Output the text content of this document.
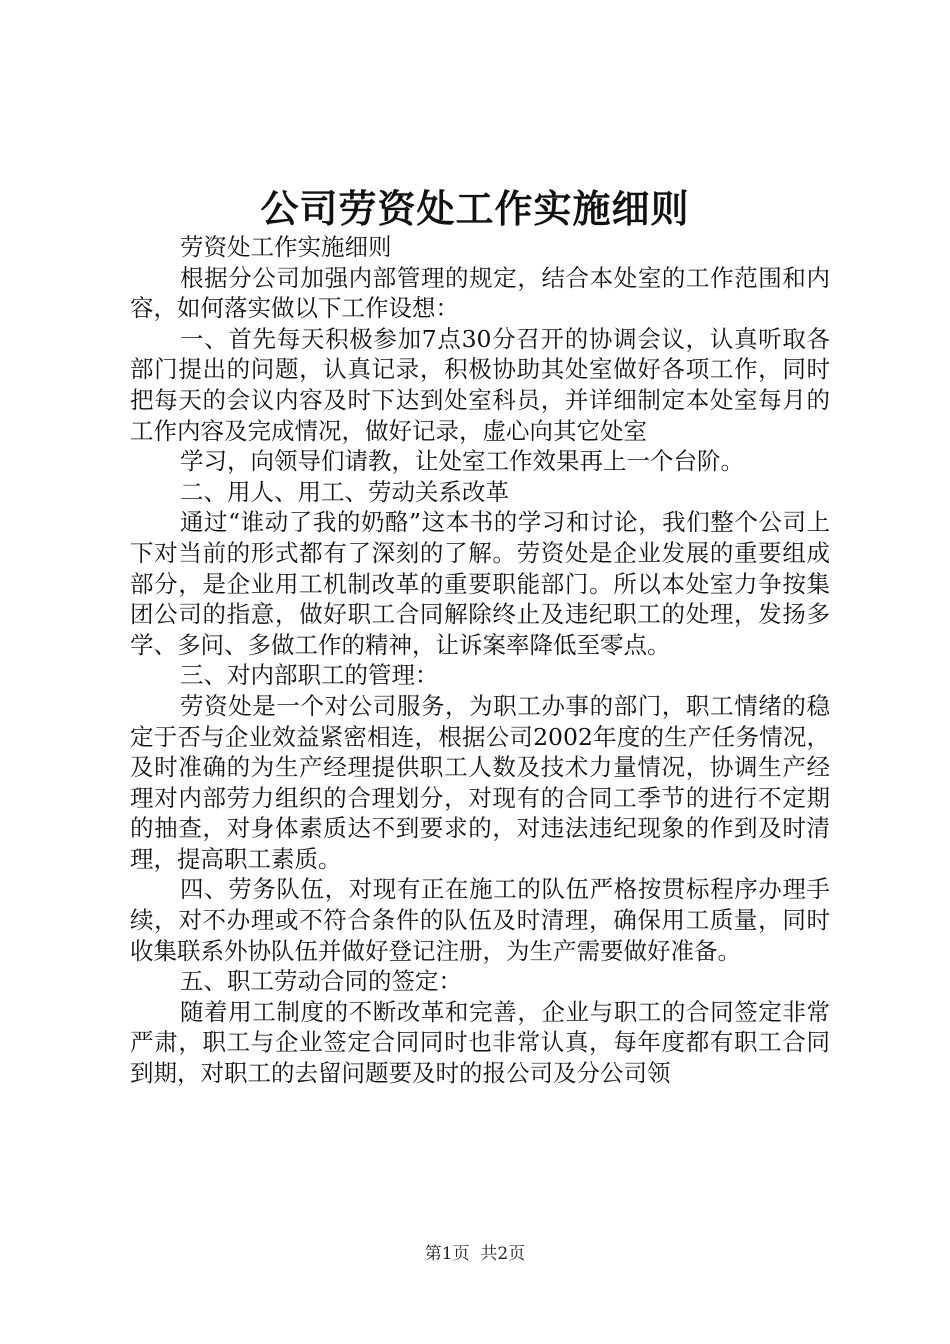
公司劳资处工作实施细则

劳资处工作实施细则

根据分公司加强内部管理的规定，结合本处室的工作范围和内容，如何落实做以下工作设想：

一、首先每天积极参加7点30分召开的协调会议，认真听取各部门提出的问题，认真记录，积极协助其处室做好各项工作，同时把每天的会议内容及时下达到处室科员，并详细制定本处室每月的工作内容及完成情况，做好记录，虚心向其它处室

学习，向领导们请教，让处室工作效果再上一个台阶。

二、用人、用工、劳动关系改革

通过“谁动了我的奶酪”这本书的学习和讨论，我们整个公司上下对当前的形式都有了深刻的了解。劳资处是企业发展的重要组成部分，是企业用工机制改革的重要职能部门。所以本处室力争按集团公司的指意，做好职工合同解除终止及违纪职工的处理，发扬多学、多问、多做工作的精神，让诉案率降低至零点。

三、对内部职工的管理：

劳资处是一个对公司服务，为职工办事的部门，职工情绪的稳定于否与企业效益紧密相连，根据公司2002年度的生产任务情况，及时准确的为生产经理提供职工人数及技术力量情况，协调生产经理对内部劳力组织的合理划分，对现有的合同工季节的进行不定期的抽查，对身体素质达不到要求的，对违法违纪现象的作到及时清理，提高职工素质。

四、劳务队伍，对现有正在施工的队伍严格按贯标程序办理手续，对不办理或不符合条件的队伍及时清理，确保用工质量，同时收集联系外协队伍并做好登记注册，为生产需要做好准备。

五、职工劳动合同的签定：

随着用工制度的不断改革和完善，企业与职工的合同签定非常严肃，职工与企业签定合同同时也非常认真，每年度都有职工合同到期，对职工的去留问题要及时的报公司及分公司领

第1页  共2页
